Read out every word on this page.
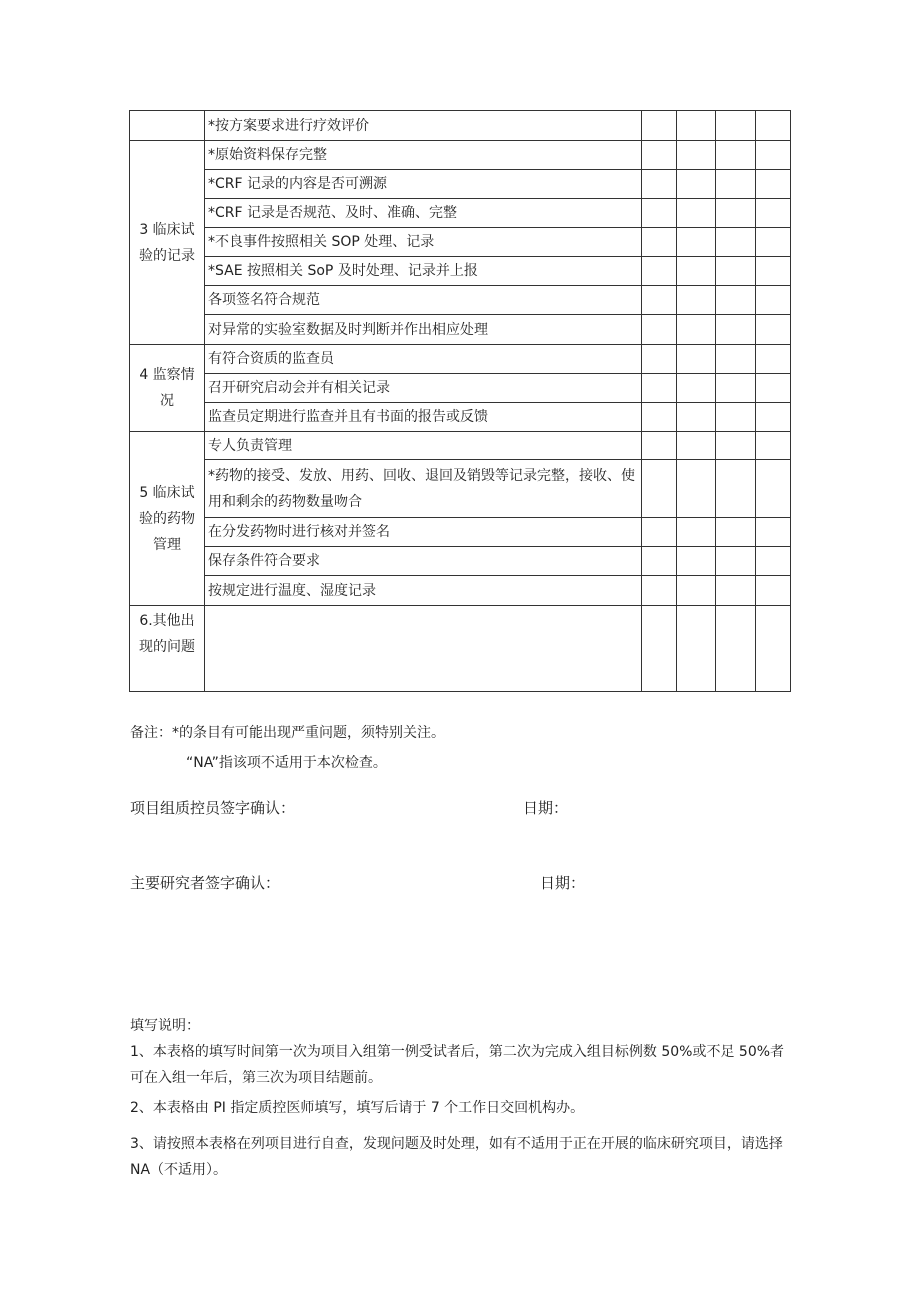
	*按方案要求进行疗效评价				
3 临床试验的记录	*原始资料保存完整				
	*CRF 记录的内容是否可溯源				
	*CRF 记录是否规范、及时、准确、完整				
	*不良事件按照相关 SOP 处理、记录				
	*SAE 按照相关 SoP 及时处理、记录并上报				
	各项签名符合规范				
	对异常的实验室数据及时判断并作出相应处理				
4 监察情况	有符合资质的监查员				
	召开研究启动会并有相关记录				
	监查员定期进行监查并且有书面的报告或反馈				
5 临床试验的药物管理	专人负责管理				
	*药物的接受、发放、用药、回收、退回及销毁等记录完整，接收、使用和剩余的药物数量吻合				
	在分发药物时进行核对并签名				
	保存条件符合要求				
	按规定进行温度、湿度记录				
6.其他出现的问题					
备注：*的条目有可能出现严重问题，须特别关注。
“NA”指该项不适用于本次检查。
项目组质控员签字确认：	日期：
主要研究者签字确认：	日期：

填写说明：

1、本表格的填写时间第一次为项目入组第一例受试者后，第二次为完成入组目标例数 50%或不足 50%者可在入组一年后，第三次为项目结题前。

2、本表格由 PI 指定质控医师填写，填写后请于 7 个工作日交回机构办。

3、请按照本表格在列项目进行自查，发现问题及时处理，如有不适用于正在开展的临床研究项目，请选择 NA（不适用）。
